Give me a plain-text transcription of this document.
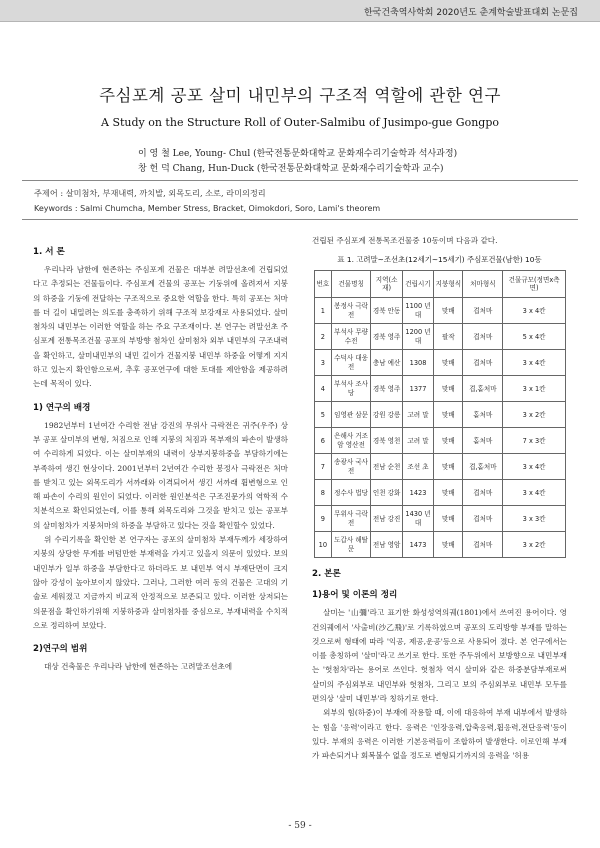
한국건축역사학회 2020년도 춘계학술발표대회 논문집
주심포계 공포 살미 내민부의 구조적 역할에 관한 연구
A Study on the Structure Roll of Outer-Salmibu of Jusimpo-gue Gongpo
이 영 철 Lee, Young- Chul (한국전통문화대학교 문화재수리기술학과 석사과정)
창 헌 덕 Chang, Hun-Duck (한국전통문화대학교 문화재수리기술학과 교수)
주제어 : 살미첨차, 부재내력, 까치발, 외목도리, 소로, 라미의정리
Keywords : Salmi Chumcha, Member Stress, Bracket, Oimokdori, Soro, Lami's theorem
1. 서 론

우리나라 남한에 현존하는 주심포계 건물은 대부분 려말선초에 건립되었다고 추정되는 건물들이다. 주심포계 건물의 공포는 기둥위에 올려져서 지붕의 하중을 기둥에 전달하는 구조적으로 중요한 역할을 한다. 특히 공포는 처마를 더 길이 내밀려는 의도를 충족하기 위해 구조적 보강재로 사용되었다. 살미첨차의 내민부는 이러한 역할을 하는 주요 구조재이다. 본 연구는 려말선초 주심포계 전통목조건물 공포의 부방향 첨차인 살미첨차 외부 내민부의 구조내력을 확인하고, 살미내민부의 내민 길이가 건물지붕 내민부 하중을 어떻게 지지하고 있는지 확인함으로써, 추후 공포연구에 대한 토대를 제안함을 제공하려는데 목적이 있다.

1) 연구의 배경

1982년부터 1년여간 수리한 전남 강진의 무위사 극락전은 귀주(우주) 상부 공포 살미부의 변형, 처짐으로 인해 지붕의 처짐과 목부재의 파손이 발생하여 수리하게 되었다. 이는 살미부재의 내력이 상부지붕하중을 부담하기에는 부족하여 생긴 현상이다. 2001년부터 2년여간 수리한 봉정사 극락전은 처마를 받치고 있는 외목도리가 서까래와 이격되어서 생긴 서까래 휨변형으로 인해 파손이 수리의 원인이 되었다. 이러한 원인분석은 구조진문가의 역학적 수치분석으로 확인되었는데, 이를 통해 외목도리와 그것을 받치고 있는 공포부의 살미첨차가 지붕처마의 하중을 부담하고 있다는 것을 확인할수 있었다.

위 수리기록을 확인한 본 연구자는 공포의 살미첨차 부재두께가 세장하여 지붕의 상당한 무게를 버텀만한 부재력을 가지고 있을지 의문이 있었다. 보의 내민부가 일부 하중을 부담한다고 하더라도 보 내민부 역시 부재단면이 크지않아 강성이 높아보이지 않았다. 그러나, 그러한 여러 동의 건물은 고대의 기술로 세워졌고 지금까지 비교적 안정적으로 보존되고 있다. 이러한 상저되는 의문점을 확인하기위해 지붕하중과 살미첨차를 중심으로, 부재내력을 수치적으로 정리하여 보았다.

2)연구의 범위

대상 건축물은 우리나라 남한에 현존하는 고려말조선초에

건립된 주심포계 전통목조건물중 10동이며 다음과 같다.

표 1. 고려말~조선초(12세기~15세기) 주심포건물(남한) 10동
번호	건물명칭	지역(소재)	건립시기	지붕형식	처마형식	건물규모(정면x측면)
1	봉정사 극락전	경북 안동	1100 년대	맞배	겹처마	3 x 4칸
2	부석사 무량수전	경북 영주	1200 년대	팔작	겹처마	5 x 4칸
3	수덕사 대웅전	충남 예산	1308	맞배	겹처마	3 x 4칸
4	부석사 조사당	경북 영주	1377	맞배	겹,홑처마	3 x 1칸
5	임영관 삼문	강원 강릉	고려 말	맞배	홑처마	3 x 2칸
6	은해사 거조암 영산전	경북 영천	고려 말	맞배	홑처마	7 x 3칸
7	송광사 국사전	전남 순천	조선 초	맞배	겹,홑처마	3 x 4칸
8	정수사 법당	인천 강화	1423	맞배	겹처마	3 x 4칸
9	무위사 극락전	전남 강진	1430 년대	맞배	겹처마	3 x 3칸
10	도갑사 해탈문	전남 영암	1473	맞배	겹처마	3 x 2칸
2. 본론
1)용어 및 이론의 정리

살미는 '山彌'라고 표기한 화성성역의궤(1801)에서 쓰여진 용어이다. 영건의궤에서 '사출비(沙乙飛)'로 기록하였으며 공포의 도리방향 부재를 말하는 것으로써 형태에 따라 '익공, 제공,운공'등으로 사용되어 졌다. 본 연구에서는 이를 총칭하여 '살미'라고 쓰기로 한다. 또한 주두위에서 보방향으로 내민부재는 '헛첨차'라는 용어로 쓰인다. 헛첨차 역시 살미와 같은 하중분담부재로써 살미의 주심외부로 내민부와 헛첨차, 그리고 보의 주심외부로 내민부 모두를 편의상 '살미 내민부'라 칭하기로 한다.

외부의 힘(하중)이 부재에 작용할 때, 이에 대응하여 부재 내부에서 발생하는 힘을 '응력'이라고 한다. 응력은 '인장응력,압축응력,휨응력,전단응력'등이 있다. 부재의 응력은 이러한 기본응력들이 조합하여 발생한다. 이로인해 부재가 파손되거나 회복불수 없을 정도로 변형되기까지의 응력을 '허용

- 59 -
